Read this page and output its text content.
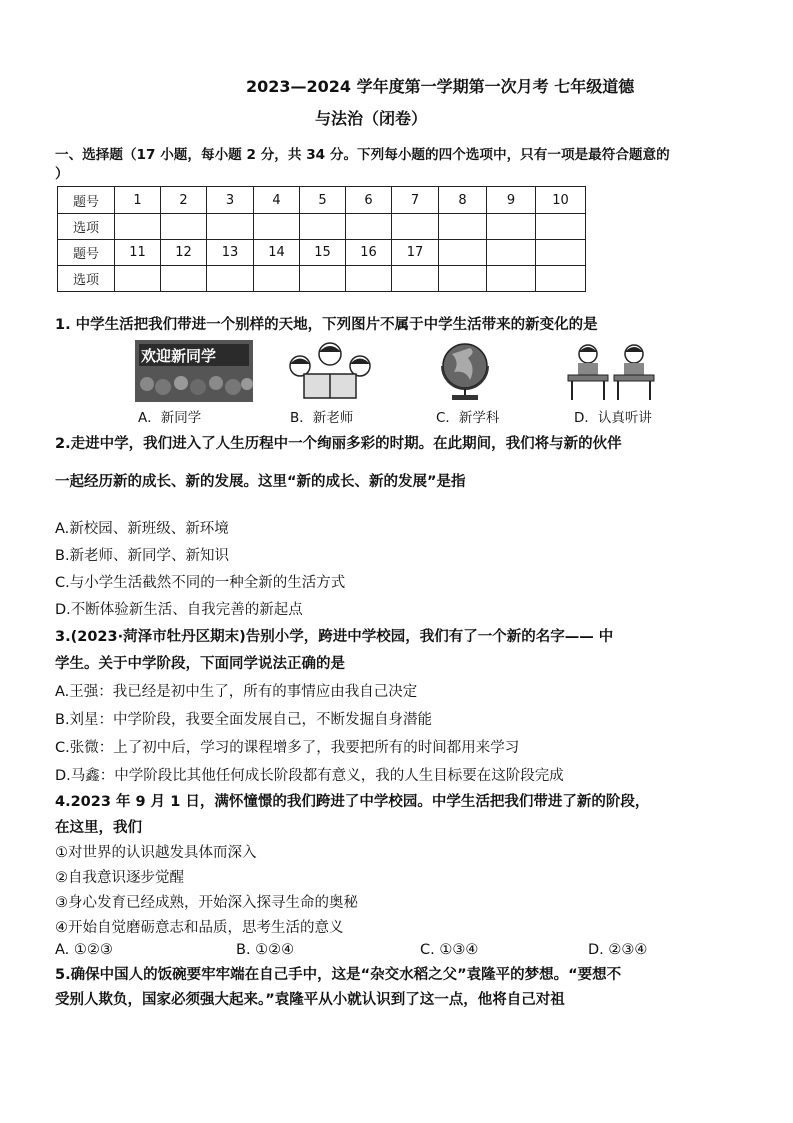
2023—2024 学年度第一学期第一次月考 七年级道德
与法治（闭卷）
一、选择题（17 小题，每小题 2 分，共 34 分。下列每小题的四个选项中，只有一项是最符合题意的
）
题号	1	2	3	4	5	6	7	8	9	10
选项										
题号	11	12	13	14	15	16	17			
选项										
1. 中学生活把我们带进一个别样的天地，下列图片不属于中学生活带来的新变化的是
欢迎新同学
A．新同学	B．新老师	C．新学科	D．认真听讲
2.走进中学，我们进入了人生历程中一个绚丽多彩的时期。在此期间，我们将与新的伙伴
一起经历新的成长、新的发展。这里“新的成长、新的发展”是指
A.新校园、新班级、新环境
B.新老师、新同学、新知识
C.与小学生活截然不同的一种全新的生活方式
D.不断体验新生活、自我完善的新起点
3.(2023·菏泽市牡丹区期末)告别小学，跨进中学校园，我们有了一个新的名字—— 中
学生。关于中学阶段，下面同学说法正确的是
A.王强：我已经是初中生了，所有的事情应由我自己决定
B.刘星：中学阶段，我要全面发展自己，不断发掘自身潜能
C.张微：上了初中后，学习的课程增多了，我要把所有的时间都用来学习
D.马鑫：中学阶段比其他任何成长阶段都有意义，我的人生目标要在这阶段完成
4.2023 年 9 月 1 日，满怀憧憬的我们跨进了中学校园。中学生活把我们带进了新的阶段，
在这里，我们
①对世界的认识越发具体而深入
②自我意识逐步觉醒
③身心发育已经成熟，开始深入探寻生命的奥秘
④开始自觉磨砺意志和品质，思考生活的意义
A. ①②③	B. ①②④	C. ①③④	D. ②③④
5.确保中国人的饭碗要牢牢端在自己手中，这是“杂交水稻之父”袁隆平的梦想。“要想不
受别人欺负，国家必须强大起来。”袁隆平从小就认识到了这一点，他将自己对祖
